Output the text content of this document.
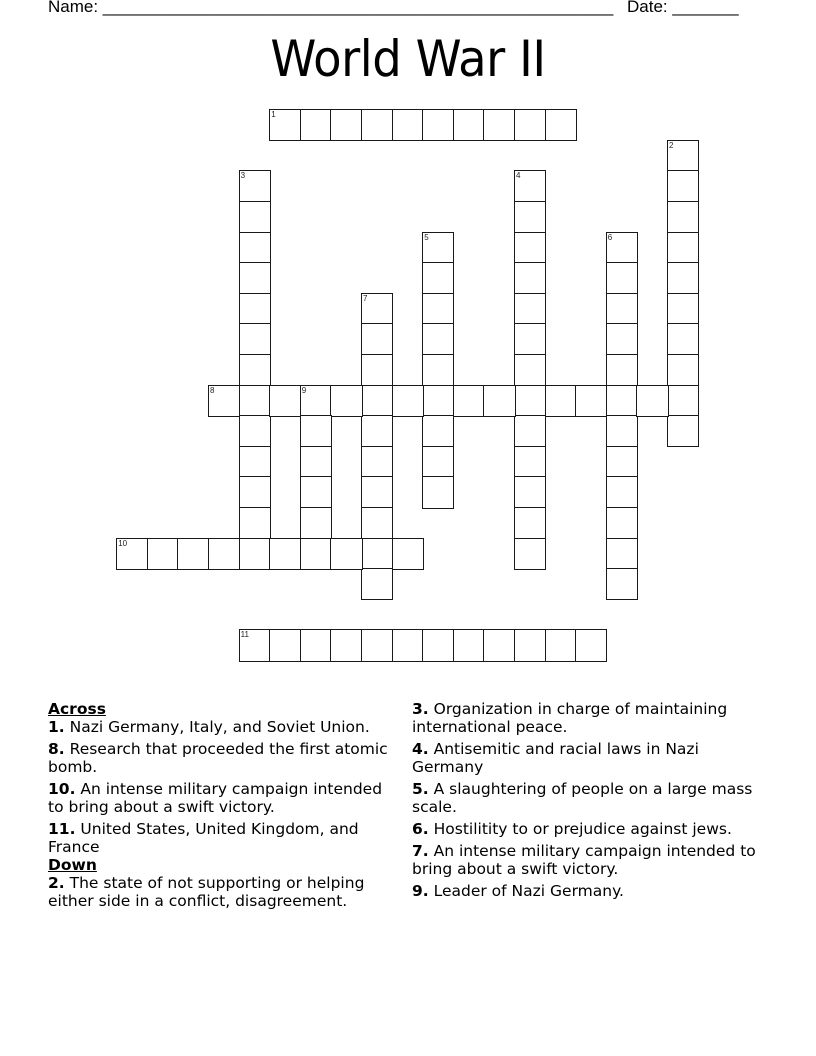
Name: ______________________________________________________ Date: _______
World War II
1
2
3	4
5	6
7
8	9
10
11

Across

1. Nazi Germany, Italy, and Soviet Union.

8. Research that proceeded the first atomic bomb.

10. An intense military campaign intended to bring about a swift victory.

11. United States, United Kingdom, and France

Down

2. The state of not supporting or helping either side in a conflict, disagreement.

3. Organization in charge of maintaining international peace.

4. Antisemitic and racial laws in Nazi Germany

5. A slaughtering of people on a large mass scale.

6. Hostilitity to or prejudice against jews.

7. An intense military campaign intended to bring about a swift victory.

9. Leader of Nazi Germany.
